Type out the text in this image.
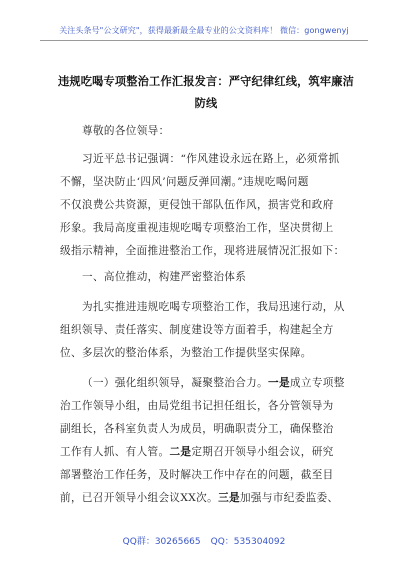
关注头条号"公文研究"，获得最新最全最专业的公文资料库！ 微信：gongwenyj
违规吃喝专项整治工作汇报发言：严守纪律红线，筑牢廉洁防线
尊敬的各位领导：
习近平总书记强调：“作风建设永远在路上，必须常抓
不懈，坚决防止‘四风’问题反弹回潮。”违规吃喝问题
不仅浪费公共资源，更侵蚀干部队伍作风，损害党和政府
形象。我局高度重视违规吃喝专项整治工作，坚决贯彻上
级指示精神，全面推进整治工作，现将进展情况汇报如下：
一、高位推动，构建严密整治体系
为扎实推进违规吃喝专项整治工作，我局迅速行动，从
组织领导、责任落实、制度建设等方面着手，构建起全方
位、多层次的整治体系，为整治工作提供坚实保障。
（一）强化组织领导，凝聚整治合力。一是成立专项整
治工作领导小组，由局党组书记担任组长，各分管领导为
副组长，各科室负责人为成员，明确职责分工，确保整治
工作有人抓、有人管。二是定期召开领导小组会议，研究
部署整治工作任务，及时解决工作中存在的问题，截至目
前，已召开领导小组会议XX次。三是加强与市纪委监委、
QQ群：30265665 QQ：535304092
